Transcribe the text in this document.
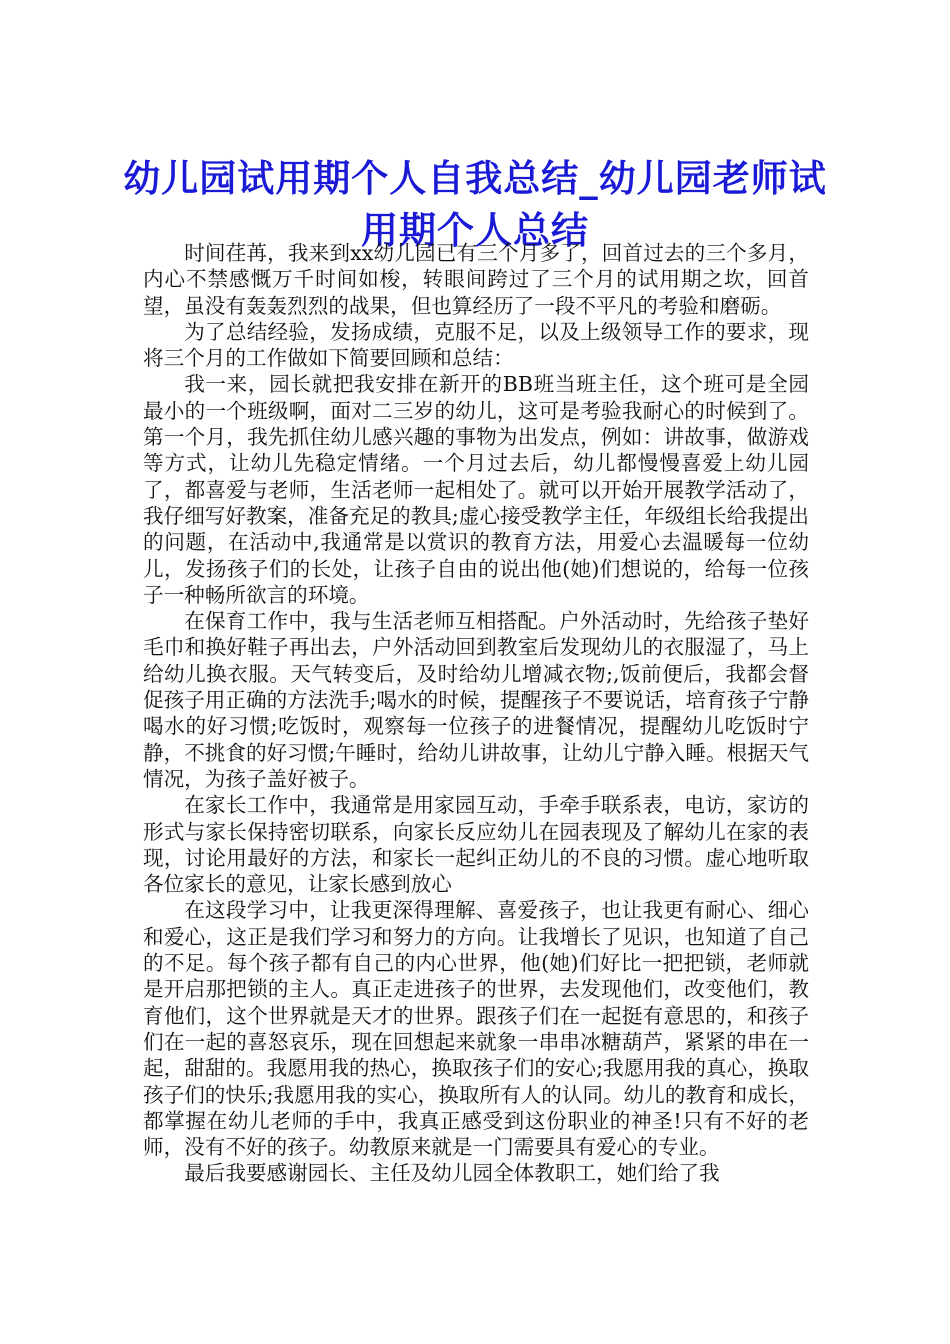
幼儿园试用期个人自我总结_幼儿园老师试用期个人总结

时间荏苒，我来到xx幼儿园已有三个月多了，回首过去的三个多月，内心不禁感慨万千时间如梭，转眼间跨过了三个月的试用期之坎，回首望，虽没有轰轰烈烈的战果，但也算经历了一段不平凡的考验和磨砺。

为了总结经验，发扬成绩，克服不足，以及上级领导工作的要求，现将三个月的工作做如下简要回顾和总结：

我一来，园长就把我安排在新开的BB班当班主任，这个班可是全园最小的一个班级啊，面对二三岁的幼儿，这可是考验我耐心的时候到了。第一个月，我先抓住幼儿感兴趣的事物为出发点，例如：讲故事，做游戏等方式，让幼儿先稳定情绪。一个月过去后，幼儿都慢慢喜爱上幼儿园了，都喜爱与老师，生活老师一起相处了。就可以开始开展教学活动了，我仔细写好教案，准备充足的教具;虚心接受教学主任，年级组长给我提出的问题，在活动中,我通常是以赏识的教育方法，用爱心去温暖每一位幼儿，发扬孩子们的长处，让孩子自由的说出他(她)们想说的，给每一位孩子一种畅所欲言的环境。

在保育工作中，我与生活老师互相搭配。户外活动时，先给孩子垫好毛巾和换好鞋子再出去，户外活动回到教室后发现幼儿的衣服湿了，马上给幼儿换衣服。天气转变后，及时给幼儿增减衣物;,饭前便后，我都会督促孩子用正确的方法洗手;喝水的时候，提醒孩子不要说话，培育孩子宁静喝水的好习惯;吃饭时，观察每一位孩子的进餐情况，提醒幼儿吃饭时宁静，不挑食的好习惯;午睡时，给幼儿讲故事，让幼儿宁静入睡。根据天气情况，为孩子盖好被子。

在家长工作中，我通常是用家园互动，手牵手联系表，电访，家访的形式与家长保持密切联系，向家长反应幼儿在园表现及了解幼儿在家的表现，讨论用最好的方法，和家长一起纠正幼儿的不良的习惯。虚心地听取各位家长的意见，让家长感到放心

在这段学习中，让我更深得理解、喜爱孩子，也让我更有耐心、细心和爱心，这正是我们学习和努力的方向。让我增长了见识，也知道了自己的不足。每个孩子都有自己的内心世界，他(她)们好比一把把锁，老师就是开启那把锁的主人。真正走进孩子的世界，去发现他们，改变他们，教育他们，这个世界就是天才的世界。跟孩子们在一起挺有意思的，和孩子们在一起的喜怒哀乐，现在回想起来就象一串串冰糖葫芦，紧紧的串在一起，甜甜的。我愿用我的热心，换取孩子们的安心;我愿用我的真心，换取孩子们的快乐;我愿用我的实心，换取所有人的认同。幼儿的教育和成长，都掌握在幼儿老师的手中，我真正感受到这份职业的神圣!只有不好的老师，没有不好的孩子。幼教原来就是一门需要具有爱心的专业。

最后我要感谢园长、主任及幼儿园全体教职工，她们给了我
